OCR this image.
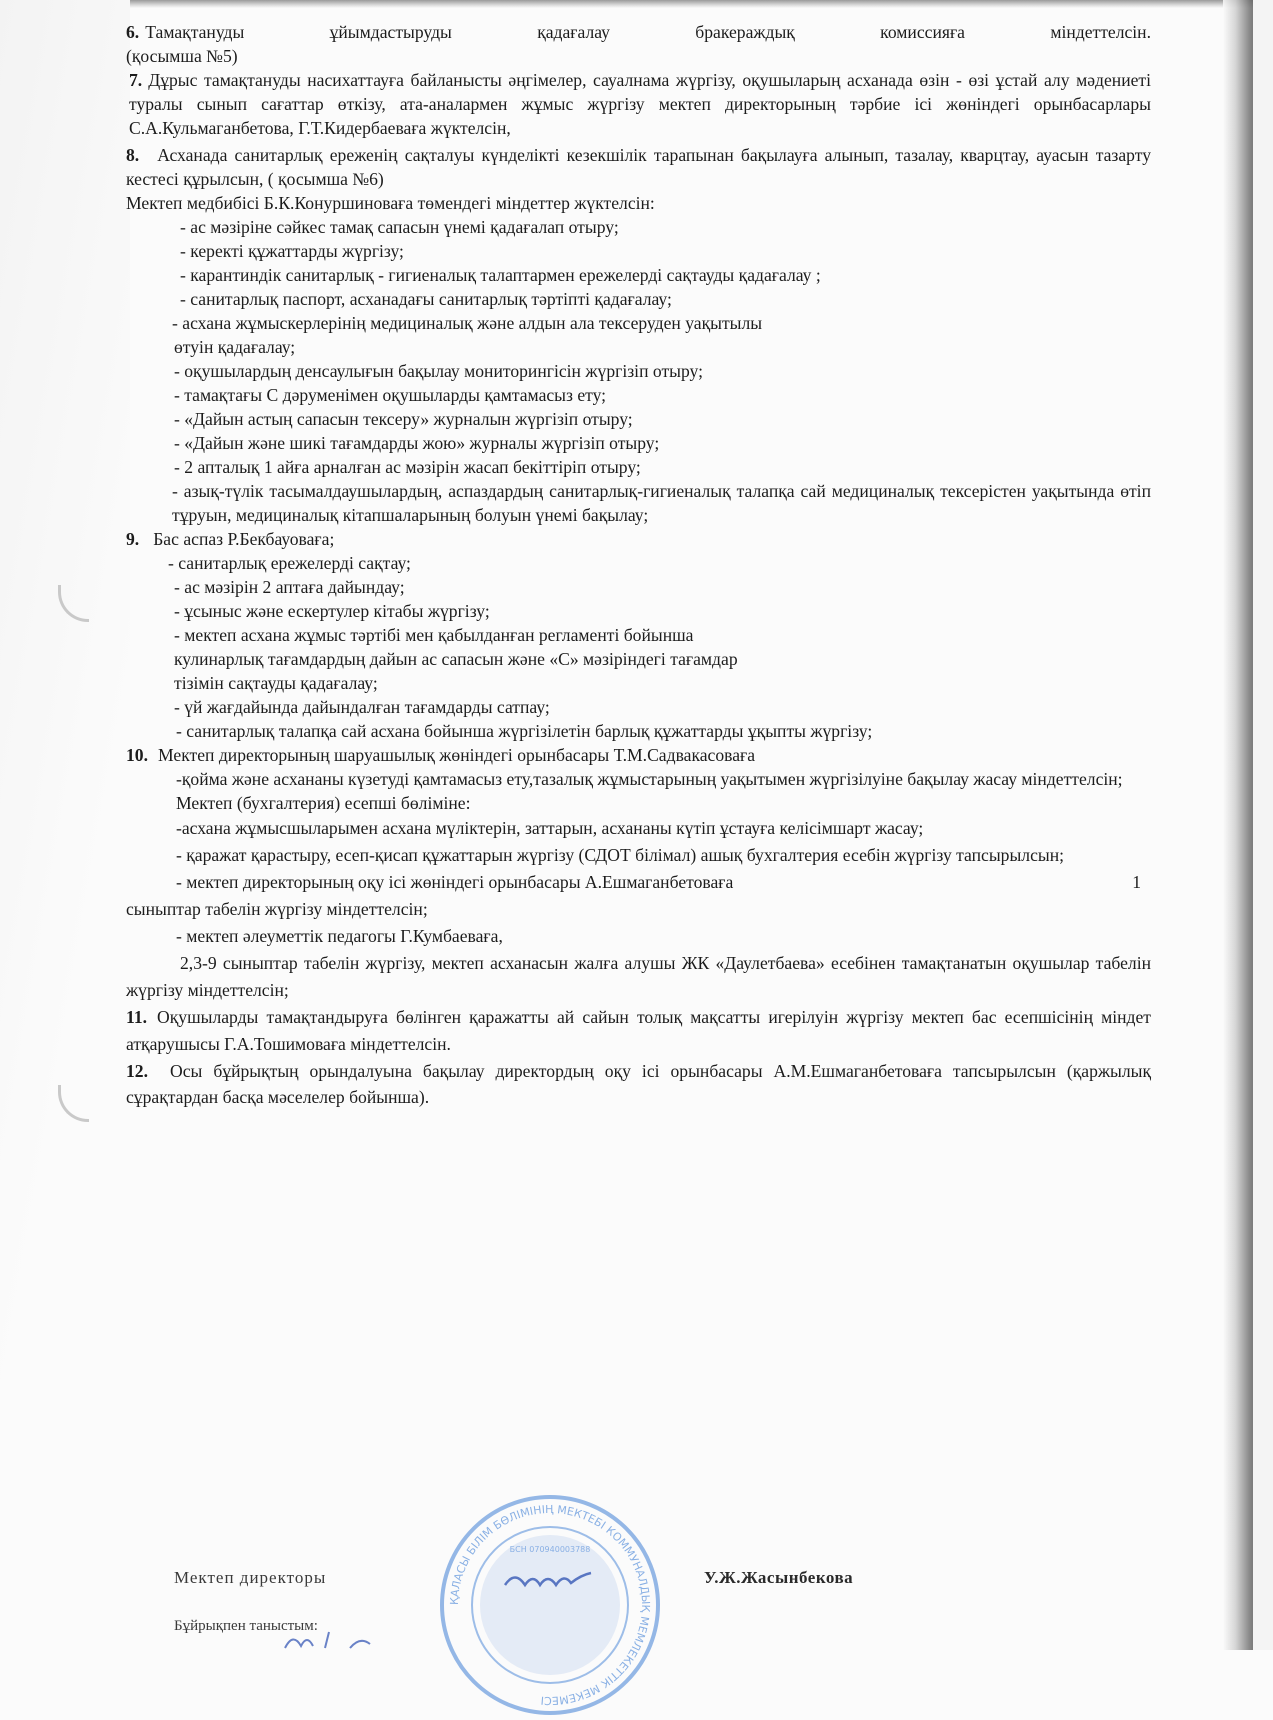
6. Тамақтануды ұйымдастыруды қадағалау бракераждық комиссияға міндеттелсін.

(қосымша №5)

7. Дұрыс тамақтануды насихаттауға байланысты әңгімелер, сауалнама жүргізу, оқушыларың асханада өзін - өзі ұстай алу мәдениеті туралы сынып сағаттар өткізу, ата-аналармен жұмыс жүргізу мектеп директорының тәрбие ісі жөніндегі орынбасарлары С.А.Кульмаганбетова, Г.Т.Кидербаеваға жүктелсін,

8. Асханада санитарлық ереженің сақталуы күнделікті кезекшілік тарапынан бақылауға алынып, тазалау, кварцтау, ауасын тазарту кестесі құрылсын, ( қосымша №6)

Мектеп медбибісі Б.К.Конуршиноваға төмендегі міндеттер жүктелсін:

- ас мәзіріне сәйкес тамақ сапасын үнемі қадағалап отыру;

- керекті құжаттарды жүргізу;

- карантиндік санитарлық - гигиеналық талаптармен ережелерді сақтауды қадағалау ;

- санитарлық паспорт, асханадағы санитарлық тәртіпті қадағалау;

- асхана жұмыскерлерінің медициналық және алдын ала тексеруден уақытылы

өтуін қадағалау;

- оқушылардың денсаулығын бақылау мониторингісін жүргізіп отыру;

- тамақтағы С дәруменімен оқушыларды қамтамасыз ету;

- «Дайын астың сапасын тексеру» журналын жүргізіп отыру;

- «Дайын және шикі тағамдарды жою» журналы жүргізіп отыру;

- 2 апталық 1 айға арналған ас мәзірін жасап бекіттіріп отыру;

- азық-түлік тасымалдаушылардың, аспаздардың санитарлық-гигиеналық талапқа сай медициналық тексерістен уақытында өтіп тұруын, медициналық кітапшаларының болуын үнемі бақылау;

9. Бас аспаз Р.Бекбауоваға;

- санитарлық ережелерді сақтау;

- ас мәзірін 2 аптаға дайындау;

- ұсыныс және ескертулер кітабы жүргізу;

- мектеп асхана жұмыс тәртібі мен қабылданған регламенті бойынша

кулинарлық тағамдардың дайын ас сапасын және «С» мәзіріндегі тағамдар

тізімін сақтауды қадағалау;

- үй жағдайында дайындалған тағамдарды сатпау;

- санитарлық талапқа сай асхана бойынша жүргізілетін барлық құжаттарды ұқыпты жүргізу;

10. Мектеп директорының шаруашылық жөніндегі орынбасары Т.М.Садвакасоваға

-қойма және асхананы күзетуді қамтамасыз ету,тазалық жұмыстарының уақытымен жүргізілуіне бақылау жасау міндеттелсін;

Мектеп (бухгалтерия) есепші бөліміне:

-асхана жұмысшыларымен асхана мүліктерін, заттарын, асхананы күтіп ұстауға келісімшарт жасау;

- қаражат қарастыру, есеп-қисап құжаттарын жүргізу (СДОТ білімал) ашық бухгалтерия есебін жүргізу тапсырылсын;

- мектеп директорының оқу ісі жөніндегі орынбасары А.Ешмаганбетоваға	1

сыныптар табелін жүргізу міндеттелсін;

- мектеп әлеуметтік педагогы Г.Кумбаеваға,

2,3-9 сыныптар табелін жүргізу, мектеп асханасын жалға алушы ЖК «Даулетбаева» есебінен тамақтанатын оқушылар табелін жүргізу міндеттелсін;

11. Оқушыларды тамақтандыруға бөлінген қаражатты ай сайын толық мақсатты игерілуін жүргізу мектеп бас есепшісінің міндет атқарушысы Г.А.Тошимоваға міндеттелсін.

12. Осы бұйрықтың орындалуына бақылау директордың оқу ісі орынбасары А.М.Ешмаганбетоваға тапсырылсын (қаржылық сұрақтардан басқа мәселелер бойынша).

ҚАЛАСЫ БІЛІМ БӨЛІМІНІҢ МЕКТЕБІ КОММУНАЛДЫҚ МЕМЛЕКЕТТІК МЕКЕМЕСІ
БСН 070940003788
Мектеп директоры	У.Ж.Жасынбекова
Бұйрықпен таныстым:
